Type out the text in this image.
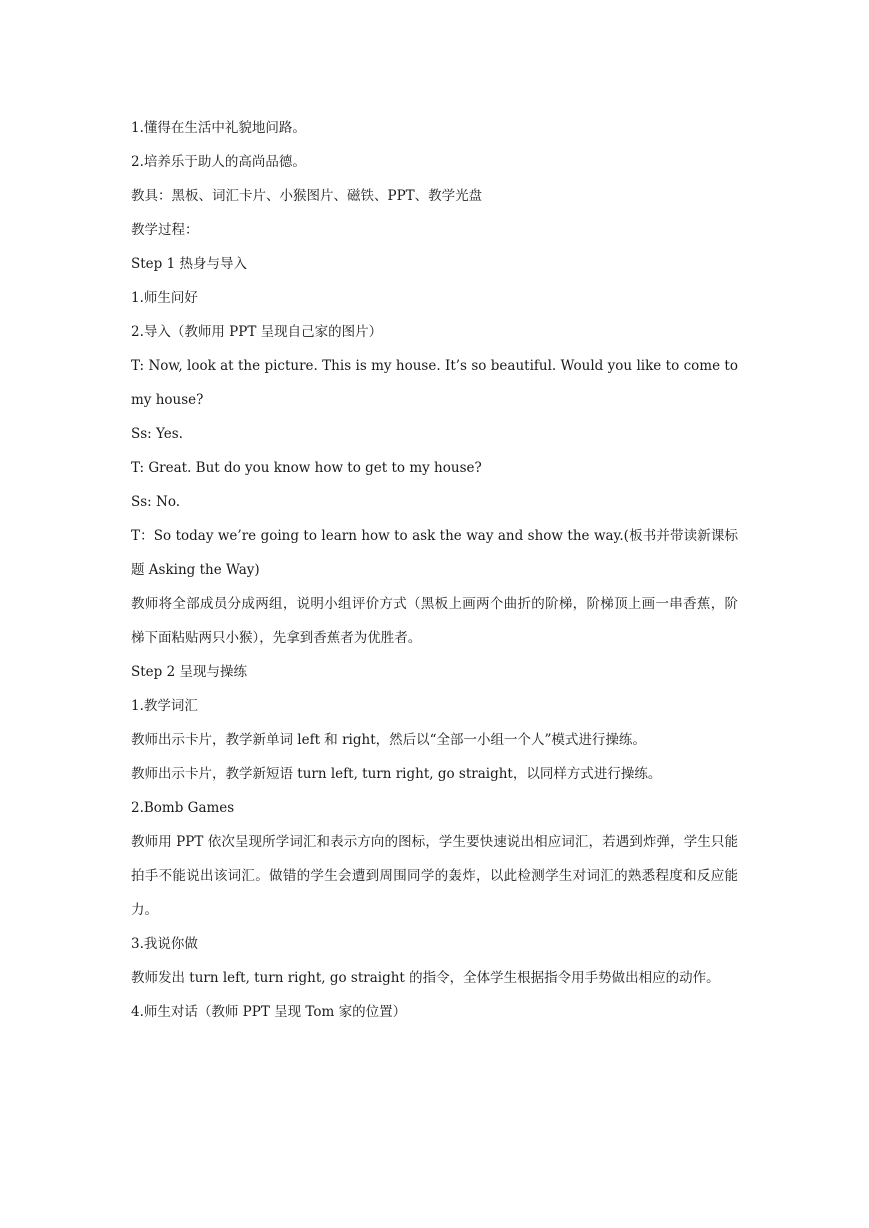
1.懂得在生活中礼貌地问路。

2.培养乐于助人的高尚品德。

教具：黑板、词汇卡片、小猴图片、磁铁、PPT、教学光盘

教学过程：

Step 1 热身与导入

1.师生问好

2.导入（教师用 PPT 呈现自己家的图片）

T: Now, look at the picture. This is my house. It’s so beautiful. Would you like to come to my house?

Ss: Yes.

T: Great. But do you know how to get to my house?

Ss: No.

T：So today we’re going to learn how to ask the way and show the way.(板书并带读新课标题 Asking the Way)

教师将全部成员分成两组，说明小组评价方式（黑板上画两个曲折的阶梯，阶梯顶上画一串香蕉，阶梯下面粘贴两只小猴），先拿到香蕉者为优胜者。

Step 2 呈现与操练

1.教学词汇

教师出示卡片，教学新单词 left 和 right，然后以“全部一小组一个人”模式进行操练。

教师出示卡片，教学新短语 turn left, turn right, go straight，以同样方式进行操练。

2.Bomb Games

教师用 PPT 依次呈现所学词汇和表示方向的图标，学生要快速说出相应词汇，若遇到炸弹，学生只能拍手不能说出该词汇。做错的学生会遭到周围同学的轰炸，以此检测学生对词汇的熟悉程度和反应能力。

3.我说你做

教师发出 turn left, turn right, go straight 的指令，全体学生根据指令用手势做出相应的动作。

4.师生对话（教师 PPT 呈现 Tom 家的位置）
